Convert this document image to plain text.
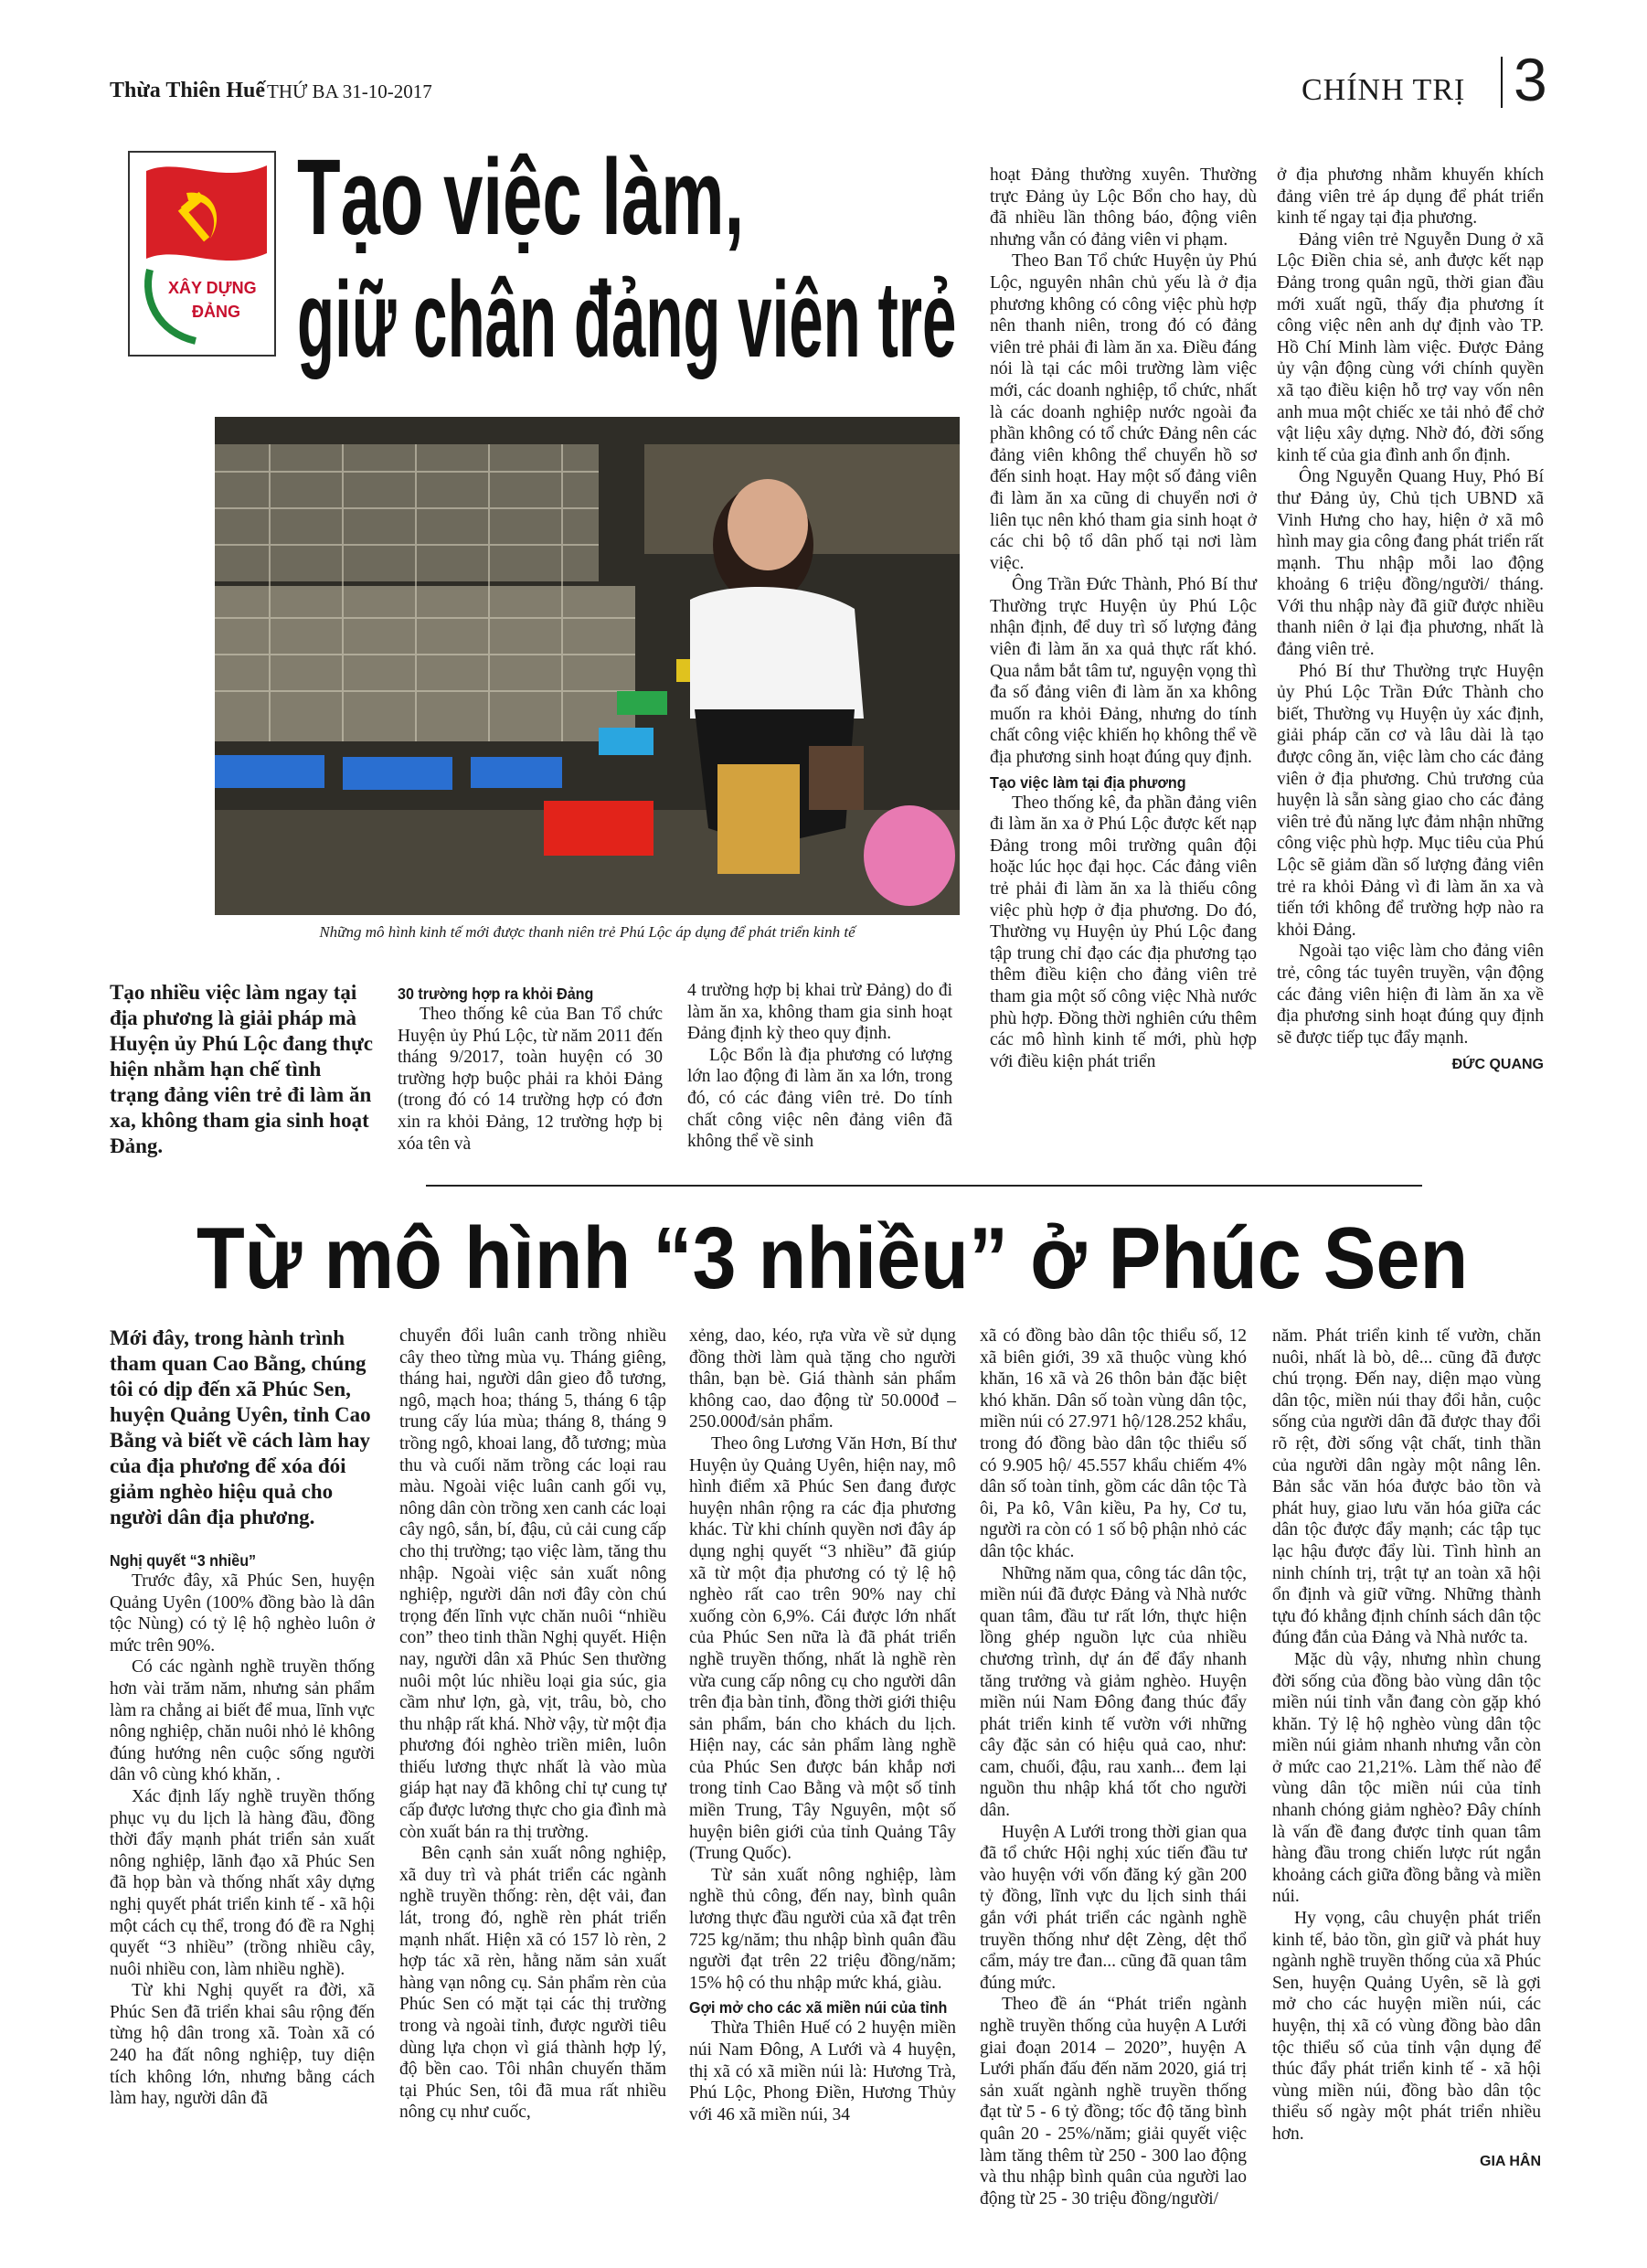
Thừa Thiên Huế THỨ BA 31-10-2017	CHÍNH TRỊ 3
XÂY DỰNG
ĐẢNG
Tạo việc làm,
giữ chân đảng viên trẻ
Những mô hình kinh tế mới được thanh niên trẻ Phú Lộc áp dụng để phát triển kinh tế
Tạo nhiều việc làm ngay tại địa phương là giải pháp mà Huyện ủy Phú Lộc đang thực hiện nhằm hạn chế tình trạng đảng viên trẻ đi làm ăn xa, không tham gia sinh hoạt Đảng.

30 trường hợp ra khỏi Đảng

Theo thống kê của Ban Tổ chức Huyện ủy Phú Lộc, từ năm 2011 đến tháng 9/2017, toàn huyện có 30 trường hợp buộc phải ra khỏi Đảng (trong đó có 14 trường hợp có đơn xin ra khỏi Đảng, 12 trường hợp bị xóa tên và

4 trường hợp bị khai trừ Đảng) do đi làm ăn xa, không tham gia sinh hoạt Đảng định kỳ theo quy định.

Lộc Bổn là địa phương có lượng lớn lao động đi làm ăn xa lớn, trong đó, có các đảng viên trẻ. Do tính chất công việc nên đảng viên đã không thể về sinh

hoạt Đảng thường xuyên. Thường trực Đảng ủy Lộc Bổn cho hay, dù đã nhiều lần thông báo, động viên nhưng vẫn có đảng viên vi phạm.

Theo Ban Tổ chức Huyện ủy Phú Lộc, nguyên nhân chủ yếu là ở địa phương không có công việc phù hợp nên thanh niên, trong đó có đảng viên trẻ phải đi làm ăn xa. Điều đáng nói là tại các môi trường làm việc mới, các doanh nghiệp, tổ chức, nhất là các doanh nghiệp nước ngoài đa phần không có tổ chức Đảng nên các đảng viên không thể chuyển hồ sơ đến sinh hoạt. Hay một số đảng viên đi làm ăn xa cũng di chuyển nơi ở liên tục nên khó tham gia sinh hoạt ở các chi bộ tổ dân phố tại nơi làm việc.

Ông Trần Đức Thành, Phó Bí thư Thường trực Huyện ủy Phú Lộc nhận định, để duy trì số lượng đảng viên đi làm ăn xa quả thực rất khó. Qua nắm bắt tâm tư, nguyện vọng thì đa số đảng viên đi làm ăn xa không muốn ra khỏi Đảng, nhưng do tính chất công việc khiến họ không thể về địa phương sinh hoạt đúng quy định.

Tạo việc làm tại địa phương

Theo thống kê, đa phần đảng viên đi làm ăn xa ở Phú Lộc được kết nạp Đảng trong môi trường quân đội hoặc lúc học đại học. Các đảng viên trẻ phải đi làm ăn xa là thiếu công việc phù hợp ở địa phương. Do đó, Thường vụ Huyện ủy Phú Lộc đang tập trung chỉ đạo các địa phương tạo thêm điều kiện cho đảng viên trẻ tham gia một số công việc Nhà nước phù hợp. Đồng thời nghiên cứu thêm các mô hình kinh tế mới, phù hợp với điều kiện phát triển

ở địa phương nhằm khuyến khích đảng viên trẻ áp dụng để phát triển kinh tế ngay tại địa phương.

Đảng viên trẻ Nguyễn Dung ở xã Lộc Điền chia sẻ, anh được kết nạp Đảng trong quân ngũ, thời gian đầu mới xuất ngũ, thấy địa phương ít công việc nên anh dự định vào TP. Hồ Chí Minh làm việc. Được Đảng ủy vận động cùng với chính quyền xã tạo điều kiện hỗ trợ vay vốn nên anh mua một chiếc xe tải nhỏ để chở vật liệu xây dựng. Nhờ đó, đời sống kinh tế của gia đình anh ổn định.

Ông Nguyễn Quang Huy, Phó Bí thư Đảng ủy, Chủ tịch UBND xã Vinh Hưng cho hay, hiện ở xã mô hình may gia công đang phát triển rất mạnh. Thu nhập mỗi lao động khoảng 6 triệu đồng/người/ tháng. Với thu nhập này đã giữ được nhiều thanh niên ở lại địa phương, nhất là đảng viên trẻ.

Phó Bí thư Thường trực Huyện ủy Phú Lộc Trần Đức Thành cho biết, Thường vụ Huyện ủy xác định, giải pháp căn cơ và lâu dài là tạo được công ăn, việc làm cho các đảng viên ở địa phương. Chủ trương của huyện là sẵn sàng giao cho các đảng viên trẻ đủ năng lực đảm nhận những công việc phù hợp. Mục tiêu của Phú Lộc sẽ giảm dần số lượng đảng viên trẻ ra khỏi Đảng vì đi làm ăn xa và tiến tới không để trường hợp nào ra khỏi Đảng.

Ngoài tạo việc làm cho đảng viên trẻ, công tác tuyên truyền, vận động các đảng viên hiện đi làm ăn xa về địa phương sinh hoạt đúng quy định sẽ được tiếp tục đẩy mạnh.

ĐỨC QUANG

Từ mô hình “3 nhiều” ở Phúc Sen

Mới đây, trong hành trình tham quan Cao Bằng, chúng tôi có dịp đến xã Phúc Sen, huyện Quảng Uyên, tỉnh Cao Bằng và biết về cách làm hay của địa phương để xóa đói giảm nghèo hiệu quả cho người dân địa phương.

Nghị quyết “3 nhiều”

Trước đây, xã Phúc Sen, huyện Quảng Uyên (100% đồng bào là dân tộc Nùng) có tỷ lệ hộ nghèo luôn ở mức trên 90%.

Có các ngành nghề truyền thống hơn vài trăm năm, nhưng sản phẩm làm ra chẳng ai biết để mua, lĩnh vực nông nghiệp, chăn nuôi nhỏ lẻ không đúng hướng nên cuộc sống người dân vô cùng khó khăn, .

Xác định lấy nghề truyền thống phục vụ du lịch là hàng đầu, đồng thời đẩy mạnh phát triển sản xuất nông nghiệp, lãnh đạo xã Phúc Sen đã họp bàn và thống nhất xây dựng nghị quyết phát triển kinh tế - xã hội một cách cụ thể, trong đó đề ra Nghị quyết “3 nhiều” (trồng nhiều cây, nuôi nhiều con, làm nhiều nghề).

Từ khi Nghị quyết ra đời, xã Phúc Sen đã triển khai sâu rộng đến từng hộ dân trong xã. Toàn xã có 240 ha đất nông nghiệp, tuy diện tích không lớn, nhưng bằng cách làm hay, người dân đã

chuyển đổi luân canh trồng nhiều cây theo từng mùa vụ. Tháng giêng, tháng hai, người dân gieo đỗ tương, ngô, mạch hoa; tháng 5, tháng 6 tập trung cấy lúa mùa; tháng 8, tháng 9 trồng ngô, khoai lang, đỗ tương; mùa thu và cuối năm trồng các loại rau màu. Ngoài việc luân canh gối vụ, nông dân còn trồng xen canh các loại cây ngô, sắn, bí, đậu, củ cải cung cấp cho thị trường; tạo việc làm, tăng thu nhập. Ngoài việc sản xuất nông nghiệp, người dân nơi đây còn chú trọng đến lĩnh vực chăn nuôi “nhiều con” theo tinh thần Nghị quyết. Hiện nay, người dân xã Phúc Sen thường nuôi một lúc nhiều loại gia súc, gia cầm như lợn, gà, vịt, trâu, bò, cho thu nhập rất khá. Nhờ vậy, từ một địa phương đói nghèo triền miên, luôn thiếu lương thực nhất là vào mùa giáp hạt nay đã không chỉ tự cung tự cấp được lương thực cho gia đình mà còn xuất bán ra thị trường.

Bên cạnh sản xuất nông nghiệp, xã duy trì và phát triển các ngành nghề truyền thống: rèn, dệt vải, đan lát, trong đó, nghề rèn phát triển mạnh nhất. Hiện xã có 157 lò rèn, 2 hợp tác xã rèn, hằng năm sản xuất hàng vạn nông cụ. Sản phẩm rèn của Phúc Sen có mặt tại các thị trường trong và ngoài tỉnh, được người tiêu dùng lựa chọn vì giá thành hợp lý, độ bền cao. Tôi nhân chuyến thăm tại Phúc Sen, tôi đã mua rất nhiều nông cụ như cuốc,

xẻng, dao, kéo, rựa vừa về sử dụng đồng thời làm quà tặng cho người thân, bạn bè. Giá thành sản phẩm không cao, dao động từ 50.000đ – 250.000đ/sản phẩm.

Theo ông Lương Văn Hơn, Bí thư Huyện ủy Quảng Uyên, hiện nay, mô hình điểm xã Phúc Sen đang được huyện nhân rộng ra các địa phương khác. Từ khi chính quyền nơi đây áp dụng nghị quyết “3 nhiều” đã giúp xã từ một địa phương có tỷ lệ hộ nghèo rất cao trên 90% nay chỉ xuống còn 6,9%. Cái được lớn nhất của Phúc Sen nữa là đã phát triển nghề truyền thống, nhất là nghề rèn vừa cung cấp nông cụ cho người dân trên địa bàn tỉnh, đồng thời giới thiệu sản phẩm, bán cho khách du lịch. Hiện nay, các sản phẩm làng nghề của Phúc Sen được bán khắp nơi trong tỉnh Cao Bằng và một số tỉnh miền Trung, Tây Nguyên, một số huyện biên giới của tỉnh Quảng Tây (Trung Quốc).

Từ sản xuất nông nghiệp, làm nghề thủ công, đến nay, bình quân lương thực đầu người của xã đạt trên 725 kg/năm; thu nhập bình quân đầu người đạt trên 22 triệu đồng/năm; 15% hộ có thu nhập mức khá, giàu.

Gợi mở cho các xã miền núi của tỉnh

Thừa Thiên Huế có 2 huyện miền núi Nam Đông, A Lưới và 4 huyện, thị xã có xã miền núi là: Hương Trà, Phú Lộc, Phong Điền, Hương Thủy với 46 xã miền núi, 34

xã có đồng bào dân tộc thiểu số, 12 xã biên giới, 39 xã thuộc vùng khó khăn, 16 xã và 26 thôn bản đặc biệt khó khăn. Dân số toàn vùng dân tộc, miền núi có 27.971 hộ/128.252 khẩu, trong đó đồng bào dân tộc thiểu số có 9.905 hộ/ 45.557 khẩu chiếm 4% dân số toàn tỉnh, gồm các dân tộc Tà ôi, Pa kô, Vân kiều, Pa hy, Cơ tu, người ra còn có 1 số bộ phận nhỏ các dân tộc khác.

Những năm qua, công tác dân tộc, miền núi đã được Đảng và Nhà nước quan tâm, đầu tư rất lớn, thực hiện lồng ghép nguồn lực của nhiều chương trình, dự án để đẩy nhanh tăng trưởng và giảm nghèo. Huyện miền núi Nam Đông đang thúc đẩy phát triển kinh tế vườn với những cây đặc sản có hiệu quả cao, như: cam, chuối, đậu, rau xanh... đem lại nguồn thu nhập khá tốt cho người dân.

Huyện A Lưới trong thời gian qua đã tổ chức Hội nghị xúc tiến đầu tư vào huyện với vốn đăng ký gần 200 tỷ đồng, lĩnh vực du lịch sinh thái gắn với phát triển các ngành nghề truyền thống như dệt Zèng, dệt thổ cẩm, máy tre đan... cũng đã quan tâm đúng mức.

Theo đề án “Phát triển ngành nghề truyền thống của huyện A Lưới giai đoạn 2014 – 2020”, huyện A Lưới phấn đấu đến năm 2020, giá trị sản xuất ngành nghề truyền thống đạt từ 5 - 6 tỷ đồng; tốc độ tăng bình quân 20 - 25%/năm; giải quyết việc làm tăng thêm từ 250 - 300 lao động và thu nhập bình quân của người lao động từ 25 - 30 triệu đồng/người/

năm. Phát triển kinh tế vườn, chăn nuôi, nhất là bò, dê... cũng đã được chú trọng. Đến nay, diện mạo vùng dân tộc, miền núi thay đổi hẳn, cuộc sống của người dân đã được thay đổi rõ rệt, đời sống vật chất, tinh thần của người dân ngày một nâng lên. Bản sắc văn hóa được bảo tồn và phát huy, giao lưu văn hóa giữa các dân tộc được đẩy mạnh; các tập tục lạc hậu được đẩy lùi. Tình hình an ninh chính trị, trật tự an toàn xã hội ổn định và giữ vững. Những thành tựu đó khẳng định chính sách dân tộc đúng đắn của Đảng và Nhà nước ta.

Mặc dù vậy, nhưng nhìn chung đời sống của đồng bào vùng dân tộc miền núi tỉnh vẫn đang còn gặp khó khăn. Tỷ lệ hộ nghèo vùng dân tộc miền núi giảm nhanh nhưng vẫn còn ở mức cao 21,21%. Làm thế nào để vùng dân tộc miền núi của tỉnh nhanh chóng giảm nghèo? Đây chính là vấn đề đang được tỉnh quan tâm hàng đầu trong chiến lược rút ngắn khoảng cách giữa đồng bằng và miền núi.

Hy vọng, câu chuyện phát triển kinh tế, bảo tồn, gìn giữ và phát huy ngành nghề truyền thống của xã Phúc Sen, huyện Quảng Uyên, sẽ là gợi mở cho các huyện miền núi, các huyện, thị xã có vùng đồng bào dân tộc thiểu số của tỉnh vận dụng để thúc đẩy phát triển kinh tế - xã hội vùng miền núi, đồng bào dân tộc thiểu số ngày một phát triển nhiều hơn.

GIA HÂN
